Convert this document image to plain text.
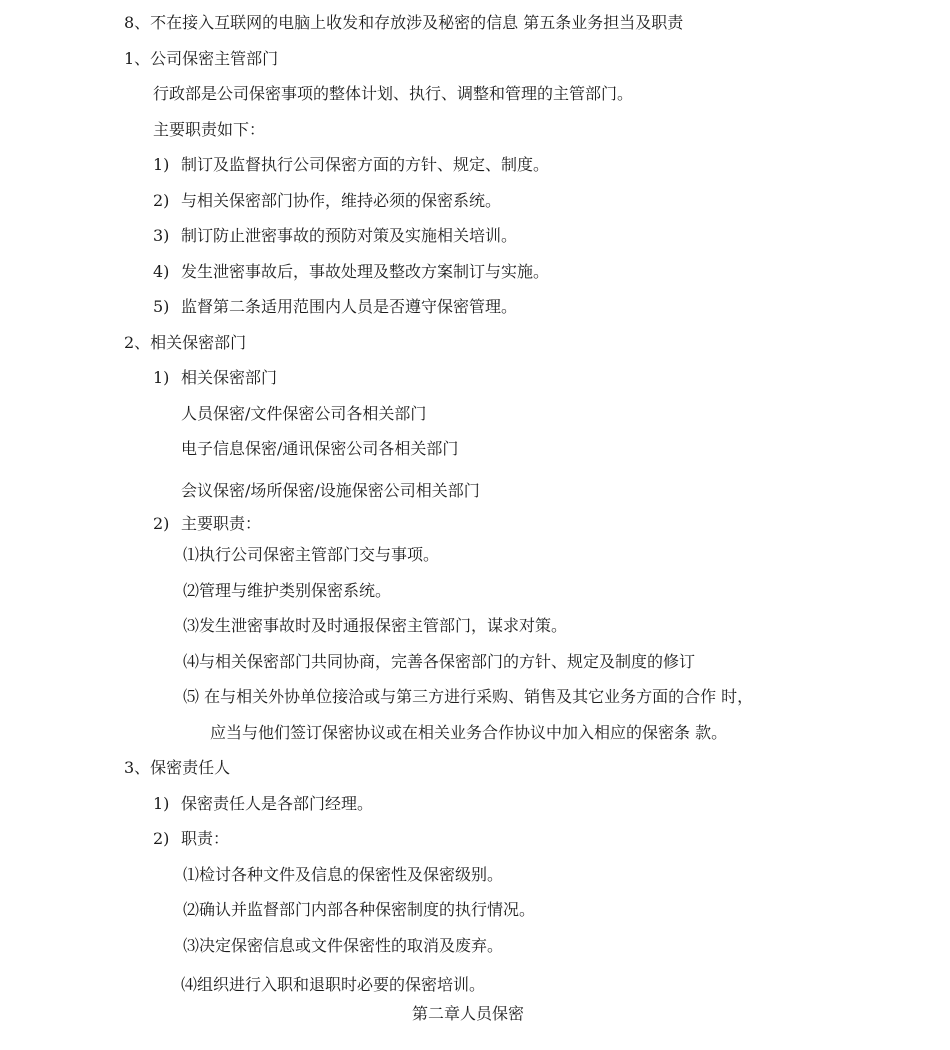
8、不在接入互联网的电脑上收发和存放涉及秘密的信息 第五条业务担当及职责
1、公司保密主管部门
行政部是公司保密事项的整体计划、执行、调整和管理的主管部门。
主要职责如下：
1) 制订及监督执行公司保密方面的方针、规定、制度。
2) 与相关保密部门协作，维持必须的保密系统。
3) 制订防止泄密事故的预防对策及实施相关培训。
4) 发生泄密事故后，事故处理及整改方案制订与实施。
5) 监督第二条适用范围内人员是否遵守保密管理。
2、相关保密部门
1) 相关保密部门
人员保密/文件保密公司各相关部门
电子信息保密/通讯保密公司各相关部门
会议保密/场所保密/设施保密公司相关部门
2) 主要职责：
⑴执行公司保密主管部门交与事项。
⑵管理与维护类别保密系统。
⑶发生泄密事故时及时通报保密主管部门，谋求对策。
⑷与相关保密部门共同协商，完善各保密部门的方针、规定及制度的修订
⑸ 在与相关外协单位接洽或与第三方进行采购、销售及其它业务方面的合作 时，
应当与他们签订保密协议或在相关业务合作协议中加入相应的保密条 款。
3、保密责任人
1) 保密责任人是各部门经理。
2) 职责：
⑴检讨各种文件及信息的保密性及保密级别。
⑵确认并监督部门内部各种保密制度的执行情况。
⑶决定保密信息或文件保密性的取消及废弃。
⑷组织进行入职和退职时必要的保密培训。
第二章人员保密
